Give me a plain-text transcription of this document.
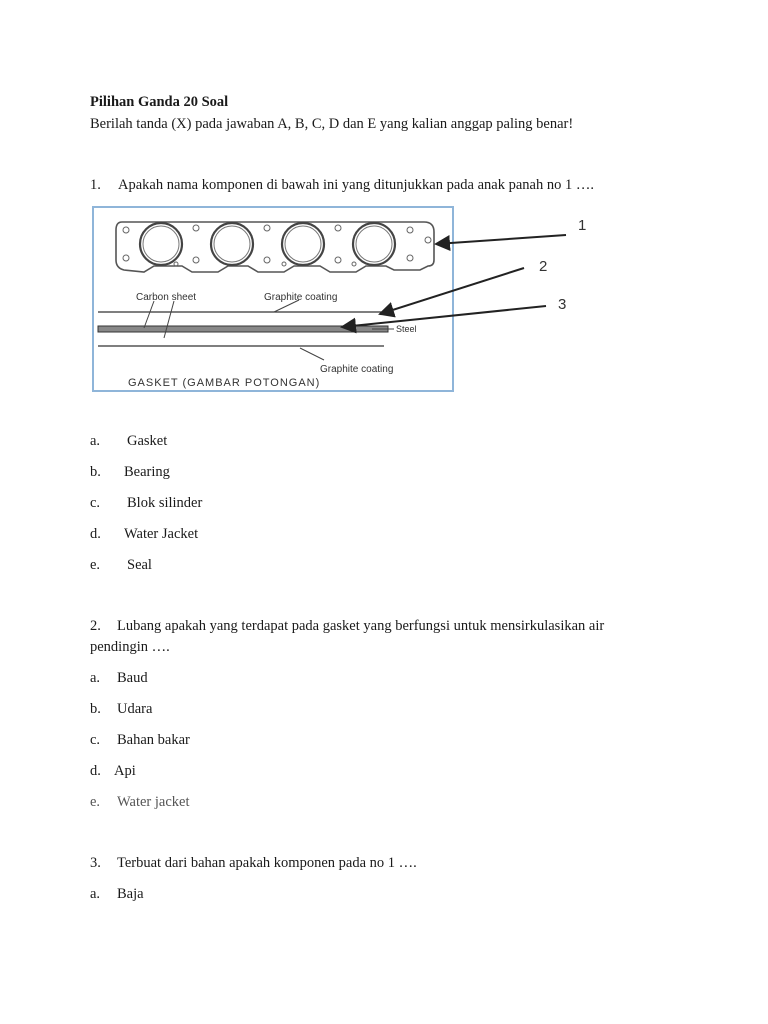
Pilihan Ganda 20 Soal
Berilah tanda (X) pada jawaban A, B, C, D dan E yang kalian anggap paling benar!
1. Apakah nama komponen di bawah ini yang ditunjukkan pada anak panah no 1 ….
Carbon sheet	Graphite coating
Steel
Graphite coating
GASKET (GAMBAR POTONGAN)
1
2
3
a. Gasket
b. Bearing
c. Blok silinder
d. Water Jacket
e. Seal
2. Lubang apakah yang terdapat pada gasket yang berfungsi untuk mensirkulasikan air
pendingin ….
a. Baud
b. Udara
c. Bahan bakar
d. Api
e. Water jacket
3. Terbuat dari bahan apakah komponen pada no 1 ….
a. Baja
